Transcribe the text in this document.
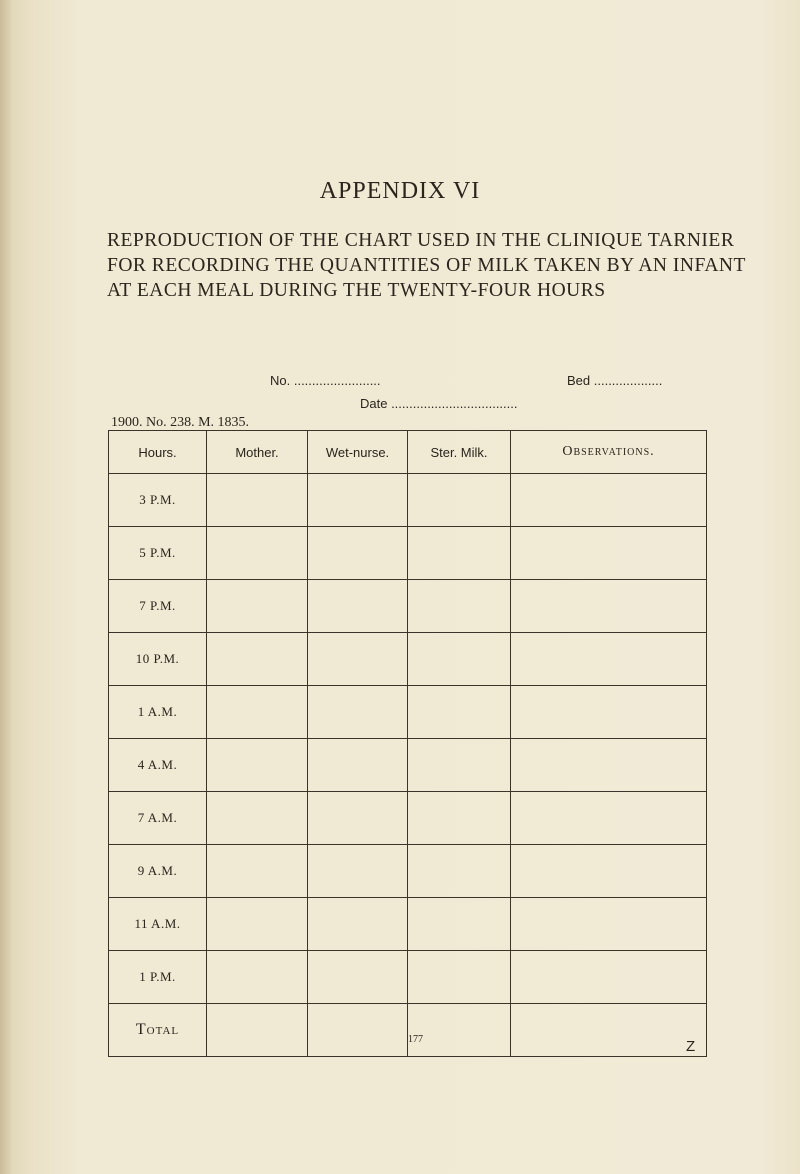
APPENDIX VI
REPRODUCTION OF THE CHART USED IN THE CLINIQUE TARNIER FOR RECORDING THE QUANTITIES OF MILK TAKEN BY AN INFANT AT EACH MEAL DURING THE TWENTY-FOUR HOURS
No. ........................	Bed ...................
Date ...................................
1900. No. 238. M. 1835.
Hours.	Mother.	Wet-nurse.	Ster. Milk.	Observations.
3 P.M.				
5 P.M.				
7 P.M.				
10 P.M.				
1 A.M.				
4 A.M.				
7 A.M.				
9 A.M.				
11 A.M.				
1 P.M.				
Total				
177	Z
